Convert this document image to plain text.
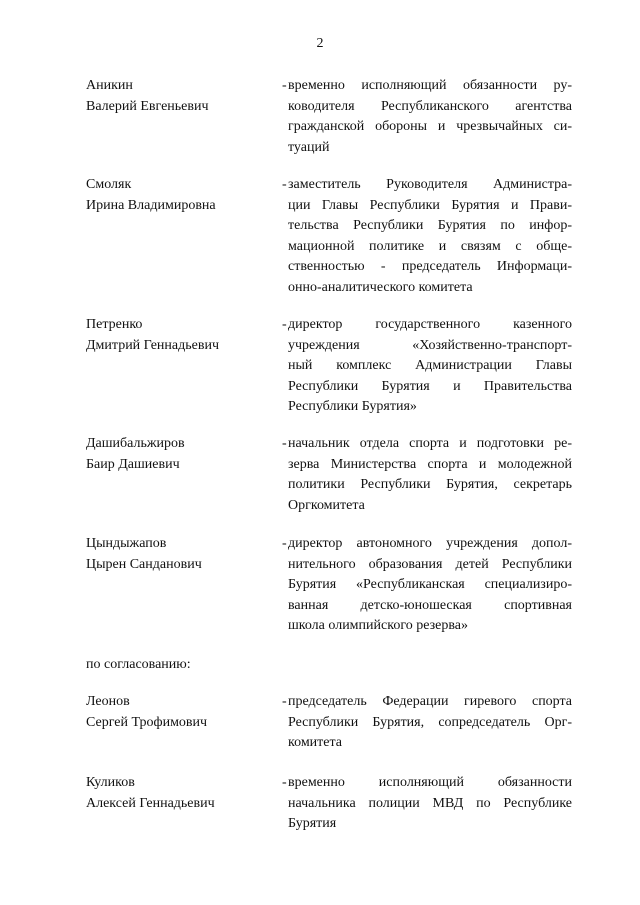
2
Аникин
Валерий Евгеньевич
- временно исполняющий обязанности ру-
ководителя Республиканского агентства
гражданской обороны и чрезвычайных си-
туаций
Смоляк
Ирина Владимировна
- заместитель Руководителя Администра-
ции Главы Республики Бурятия и Прави-
тельства Республики Бурятия по инфор-
мационной политике и связям с обще-
ственностью - председатель Информаци-
онно-аналитического комитета
Петренко
Дмитрий Геннадьевич
- директор государственного казенного
учреждения «Хозяйственно-транспорт-
ный комплекс Администрации Главы
Республики Бурятия и Правительства
Республики Бурятия»
Дашибальжиров
Баир Дашиевич
- начальник отдела спорта и подготовки ре-
зерва Министерства спорта и молодежной
политики Республики Бурятия, секретарь
Оргкомитета
Цындыжапов
Цырен Санданович
- директор автономного учреждения допол-
нительного образования детей Республики
Бурятия «Республиканская специализиро-
ванная детско-юношеская спортивная
школа олимпийского резерва»
по согласованию:
Леонов
Сергей Трофимович
- председатель Федерации гиревого спорта
Республики Бурятия, сопредседатель Орг-
комитета
Куликов
Алексей Геннадьевич
- временно исполняющий обязанности
начальника полиции МВД по Республике
Бурятия
